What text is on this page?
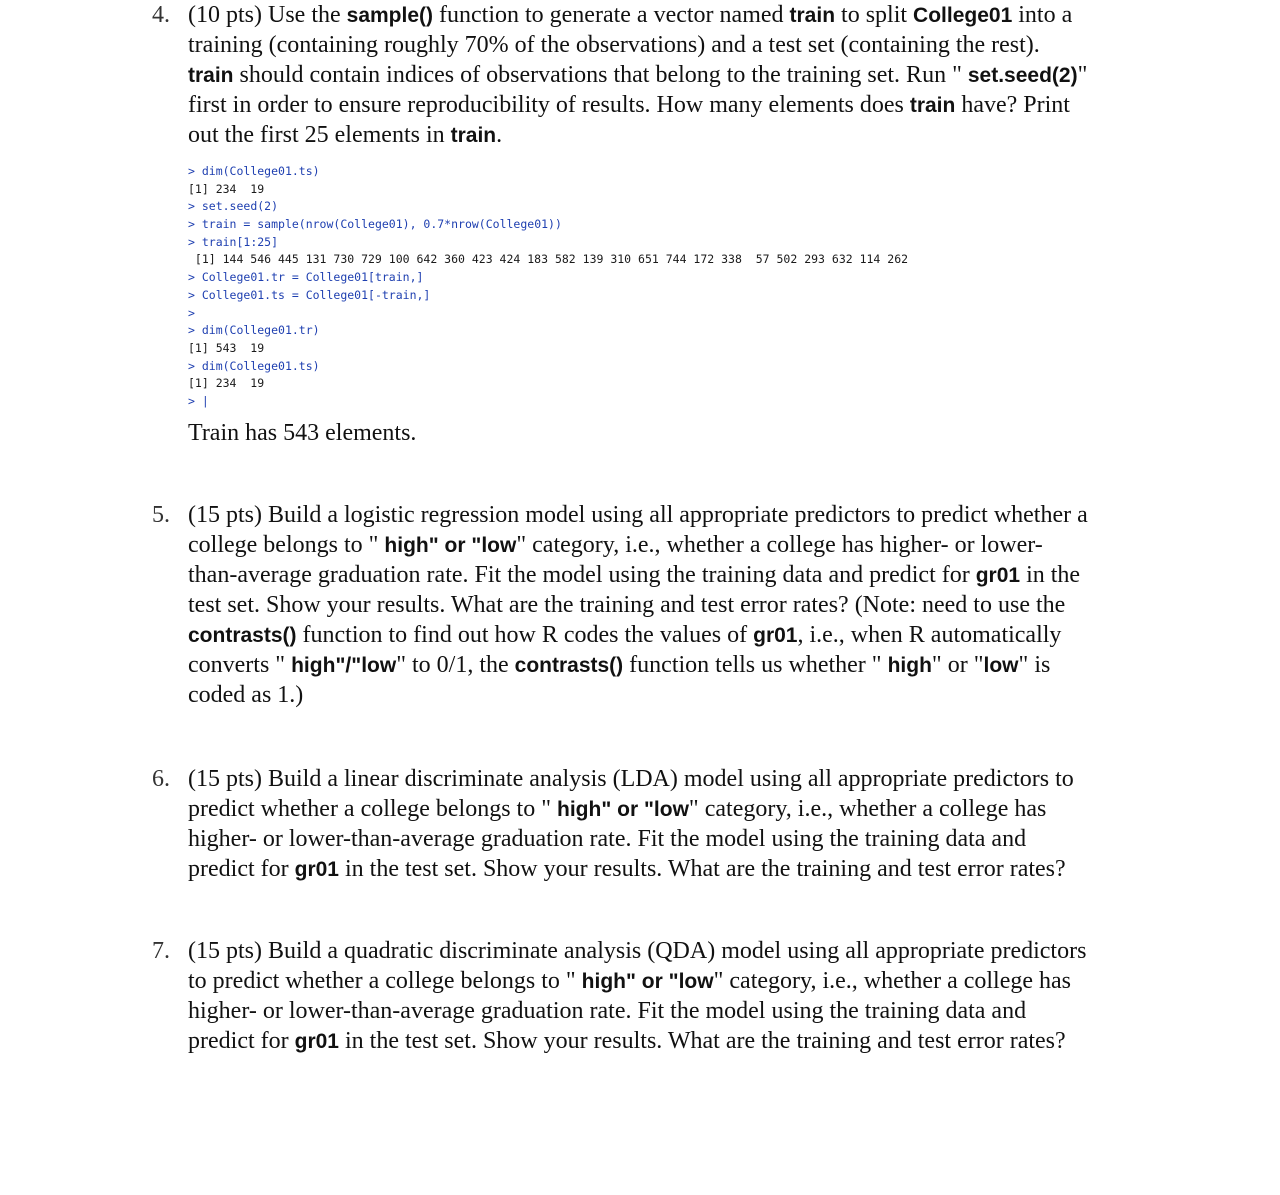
4. (10 pts) Use the sample() function to generate a vector named train to split College01 into a
training (containing roughly 70% of the observations) and a test set (containing the rest).
train should contain indices of observations that belong to the training set. Run " set.seed(2)"
first in order to ensure reproducibility of results. How many elements does train have? Print
out the first 25 elements in train.
> dim(College01.ts)
[1] 234  19
> set.seed(2)
> train = sample(nrow(College01), 0.7*nrow(College01))
> train[1:25]
[1] 144 546 445 131 730 729 100 642 360 423 424 183 582 139 310 651 744 172 338  57 502 293 632 114 262
> College01.tr = College01[train,]
> College01.ts = College01[-train,]
>
> dim(College01.tr)
[1] 543  19
> dim(College01.ts)
[1] 234  19
> |
Train has 543 elements.
5. (15 pts) Build a logistic regression model using all appropriate predictors to predict whether a
college belongs to " high" or "low" category, i.e., whether a college has higher- or lower-
than-average graduation rate. Fit the model using the training data and predict for gr01 in the
test set. Show your results. What are the training and test error rates? (Note: need to use the
contrasts() function to find out how R codes the values of gr01, i.e., when R automatically
converts " high"/"low" to 0/1, the contrasts() function tells us whether " high" or "low" is
coded as 1.)
6. (15 pts) Build a linear discriminate analysis (LDA) model using all appropriate predictors to
predict whether a college belongs to " high" or "low" category, i.e., whether a college has
higher- or lower-than-average graduation rate. Fit the model using the training data and
predict for gr01 in the test set. Show your results. What are the training and test error rates?
7. (15 pts) Build a quadratic discriminate analysis (QDA) model using all appropriate predictors
to predict whether a college belongs to " high" or "low" category, i.e., whether a college has
higher- or lower-than-average graduation rate. Fit the model using the training data and
predict for gr01 in the test set. Show your results. What are the training and test error rates?
